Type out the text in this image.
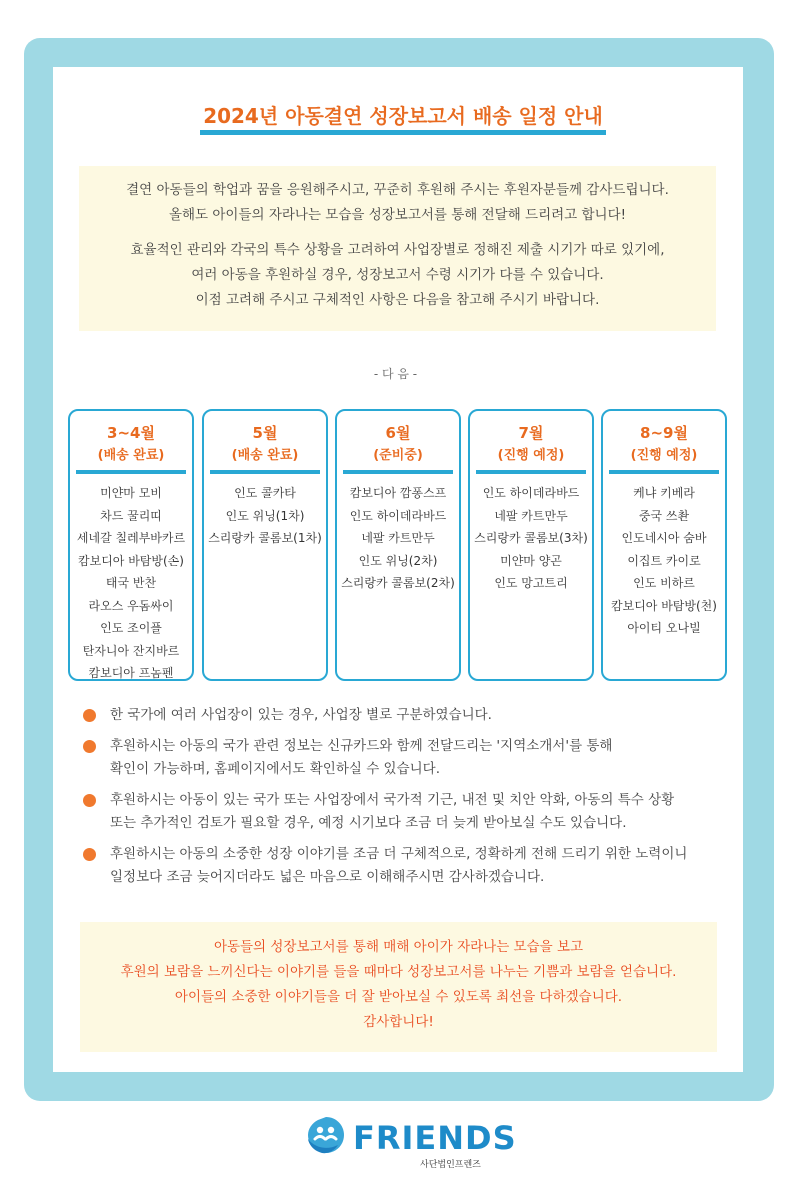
2024년 아동결연 성장보고서 배송 일정 안내

결연 아동들의 학업과 꿈을 응원해주시고, 꾸준히 후원해 주시는 후원자분들께 감사드립니다.

올해도 아이들의 자라나는 모습을 성장보고서를 통해 전달해 드리려고 합니다!

효율적인 관리와 각국의 특수 상황을 고려하여 사업장별로 정해진 제출 시기가 따로 있기에,

여러 아동을 후원하실 경우, 성장보고서 수령 시기가 다를 수 있습니다.

이점 고려해 주시고 구체적인 사항은 다음을 참고해 주시기 바랍니다.

- 다 음 -
3~4월
(배송 완료)
미얀마 모비
차드 꿀리띠
세네갈 칠레부바카르
캄보디아 바탐방(손)
태국 반찬
라오스 우돔싸이
인도 조이플
탄자니아 잔지바르
캄보디아 프놈펜
5월
(배송 완료)
인도 콜카타
인도 위닝(1차)
스리랑카 콜롬보(1차)
6월
(준비중)
캄보디아 깜퐁스프
인도 하이데라바드
네팔 카트만두
인도 위닝(2차)
스리랑카 콜롬보(2차)
7월
(진행 예정)
인도 하이데라바드
네팔 카트만두
스리랑카 콜롬보(3차)
미얀마 양곤
인도 망고트리
8~9월
(진행 예정)
케냐 키베라
중국 쓰촨
인도네시아 숨바
이집트 카이로
인도 비하르
캄보디아 바탐방(천)
아이티 오나빌
한 국가에 여러 사업장이 있는 경우, 사업장 별로 구분하였습니다.
후원하시는 아동의 국가 관련 정보는 신규카드와 함께 전달드리는 '지역소개서'를 통해
확인이 가능하며, 홈페이지에서도 확인하실 수 있습니다.
후원하시는 아동이 있는 국가 또는 사업장에서 국가적 기근, 내전 및 치안 악화, 아동의 특수 상황
또는 추가적인 검토가 필요할 경우, 예정 시기보다 조금 더 늦게 받아보실 수도 있습니다.
후원하시는 아동의 소중한 성장 이야기를 조금 더 구체적으로, 정확하게 전해 드리기 위한 노력이니
일정보다 조금 늦어지더라도 넓은 마음으로 이해해주시면 감사하겠습니다.
아동들의 성장보고서를 통해 매해 아이가 자라나는 모습을 보고
후원의 보람을 느끼신다는 이야기를 들을 때마다 성장보고서를 나누는 기쁨과 보람을 얻습니다.
아이들의 소중한 이야기들을 더 잘 받아보실 수 있도록 최선을 다하겠습니다.
감사합니다!
FRIENDS
사단법인프렌즈
